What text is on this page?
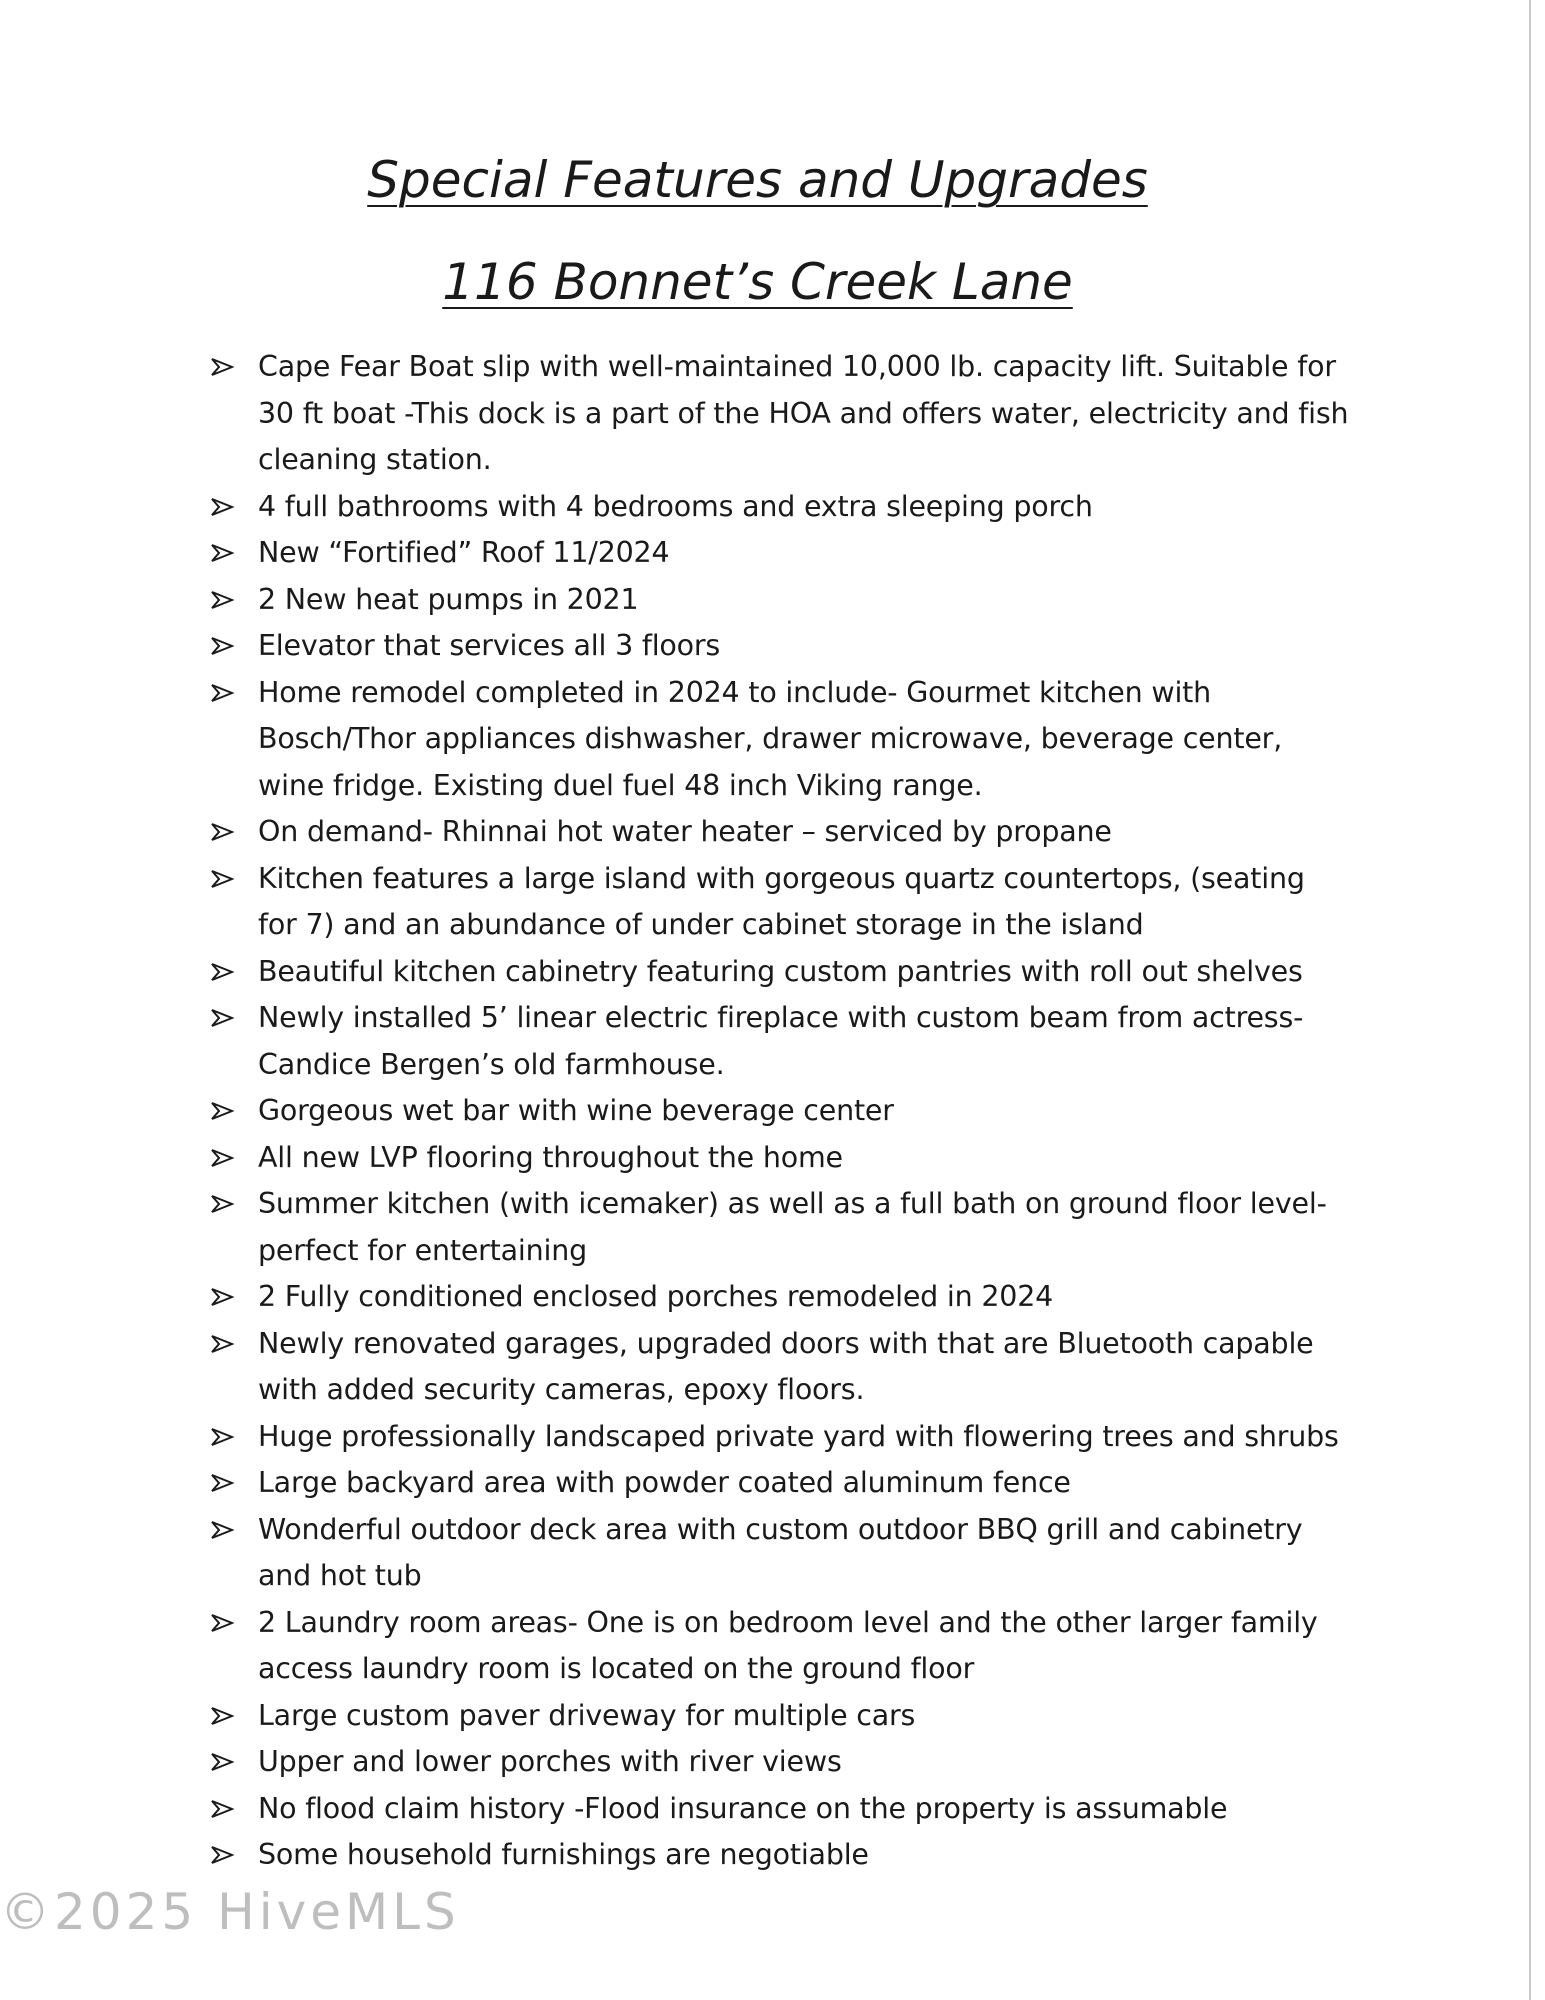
Special Features and Upgrades
116 Bonnet’s Creek Lane
Cape Fear Boat slip with well-maintained 10,000 lb. capacity lift. Suitable for 30 ft boat -This dock is a part of the HOA and offers water, electricity and fish cleaning station.
4 full bathrooms with 4 bedrooms and extra sleeping porch
New “Fortified” Roof 11/2024
2 New heat pumps in 2021
Elevator that services all 3 floors
Home remodel completed in 2024 to include- Gourmet kitchen with Bosch/Thor appliances dishwasher, drawer microwave, beverage center, wine fridge. Existing duel fuel 48 inch Viking range.
On demand- Rhinnai hot water heater – serviced by propane
Kitchen features a large island with gorgeous quartz countertops, (seating for 7) and an abundance of under cabinet storage in the island
Beautiful kitchen cabinetry featuring custom pantries with roll out shelves
Newly installed 5’ linear electric fireplace with custom beam from actress- Candice Bergen’s old farmhouse.
Gorgeous wet bar with wine beverage center
All new LVP flooring throughout the home
Summer kitchen (with icemaker) as well as a full bath on ground floor level- perfect for entertaining
2 Fully conditioned enclosed porches remodeled in 2024
Newly renovated garages, upgraded doors with that are Bluetooth capable with added security cameras, epoxy floors.
Huge professionally landscaped private yard with flowering trees and shrubs
Large backyard area with powder coated aluminum fence
Wonderful outdoor deck area with custom outdoor BBQ grill and cabinetry and hot tub
2 Laundry room areas- One is on bedroom level and the other larger family access laundry room is located on the ground floor
Large custom paver driveway for multiple cars
Upper and lower porches with river views
No flood claim history -Flood insurance on the property is assumable
Some household furnishings are negotiable
©2025 HiveMLS
